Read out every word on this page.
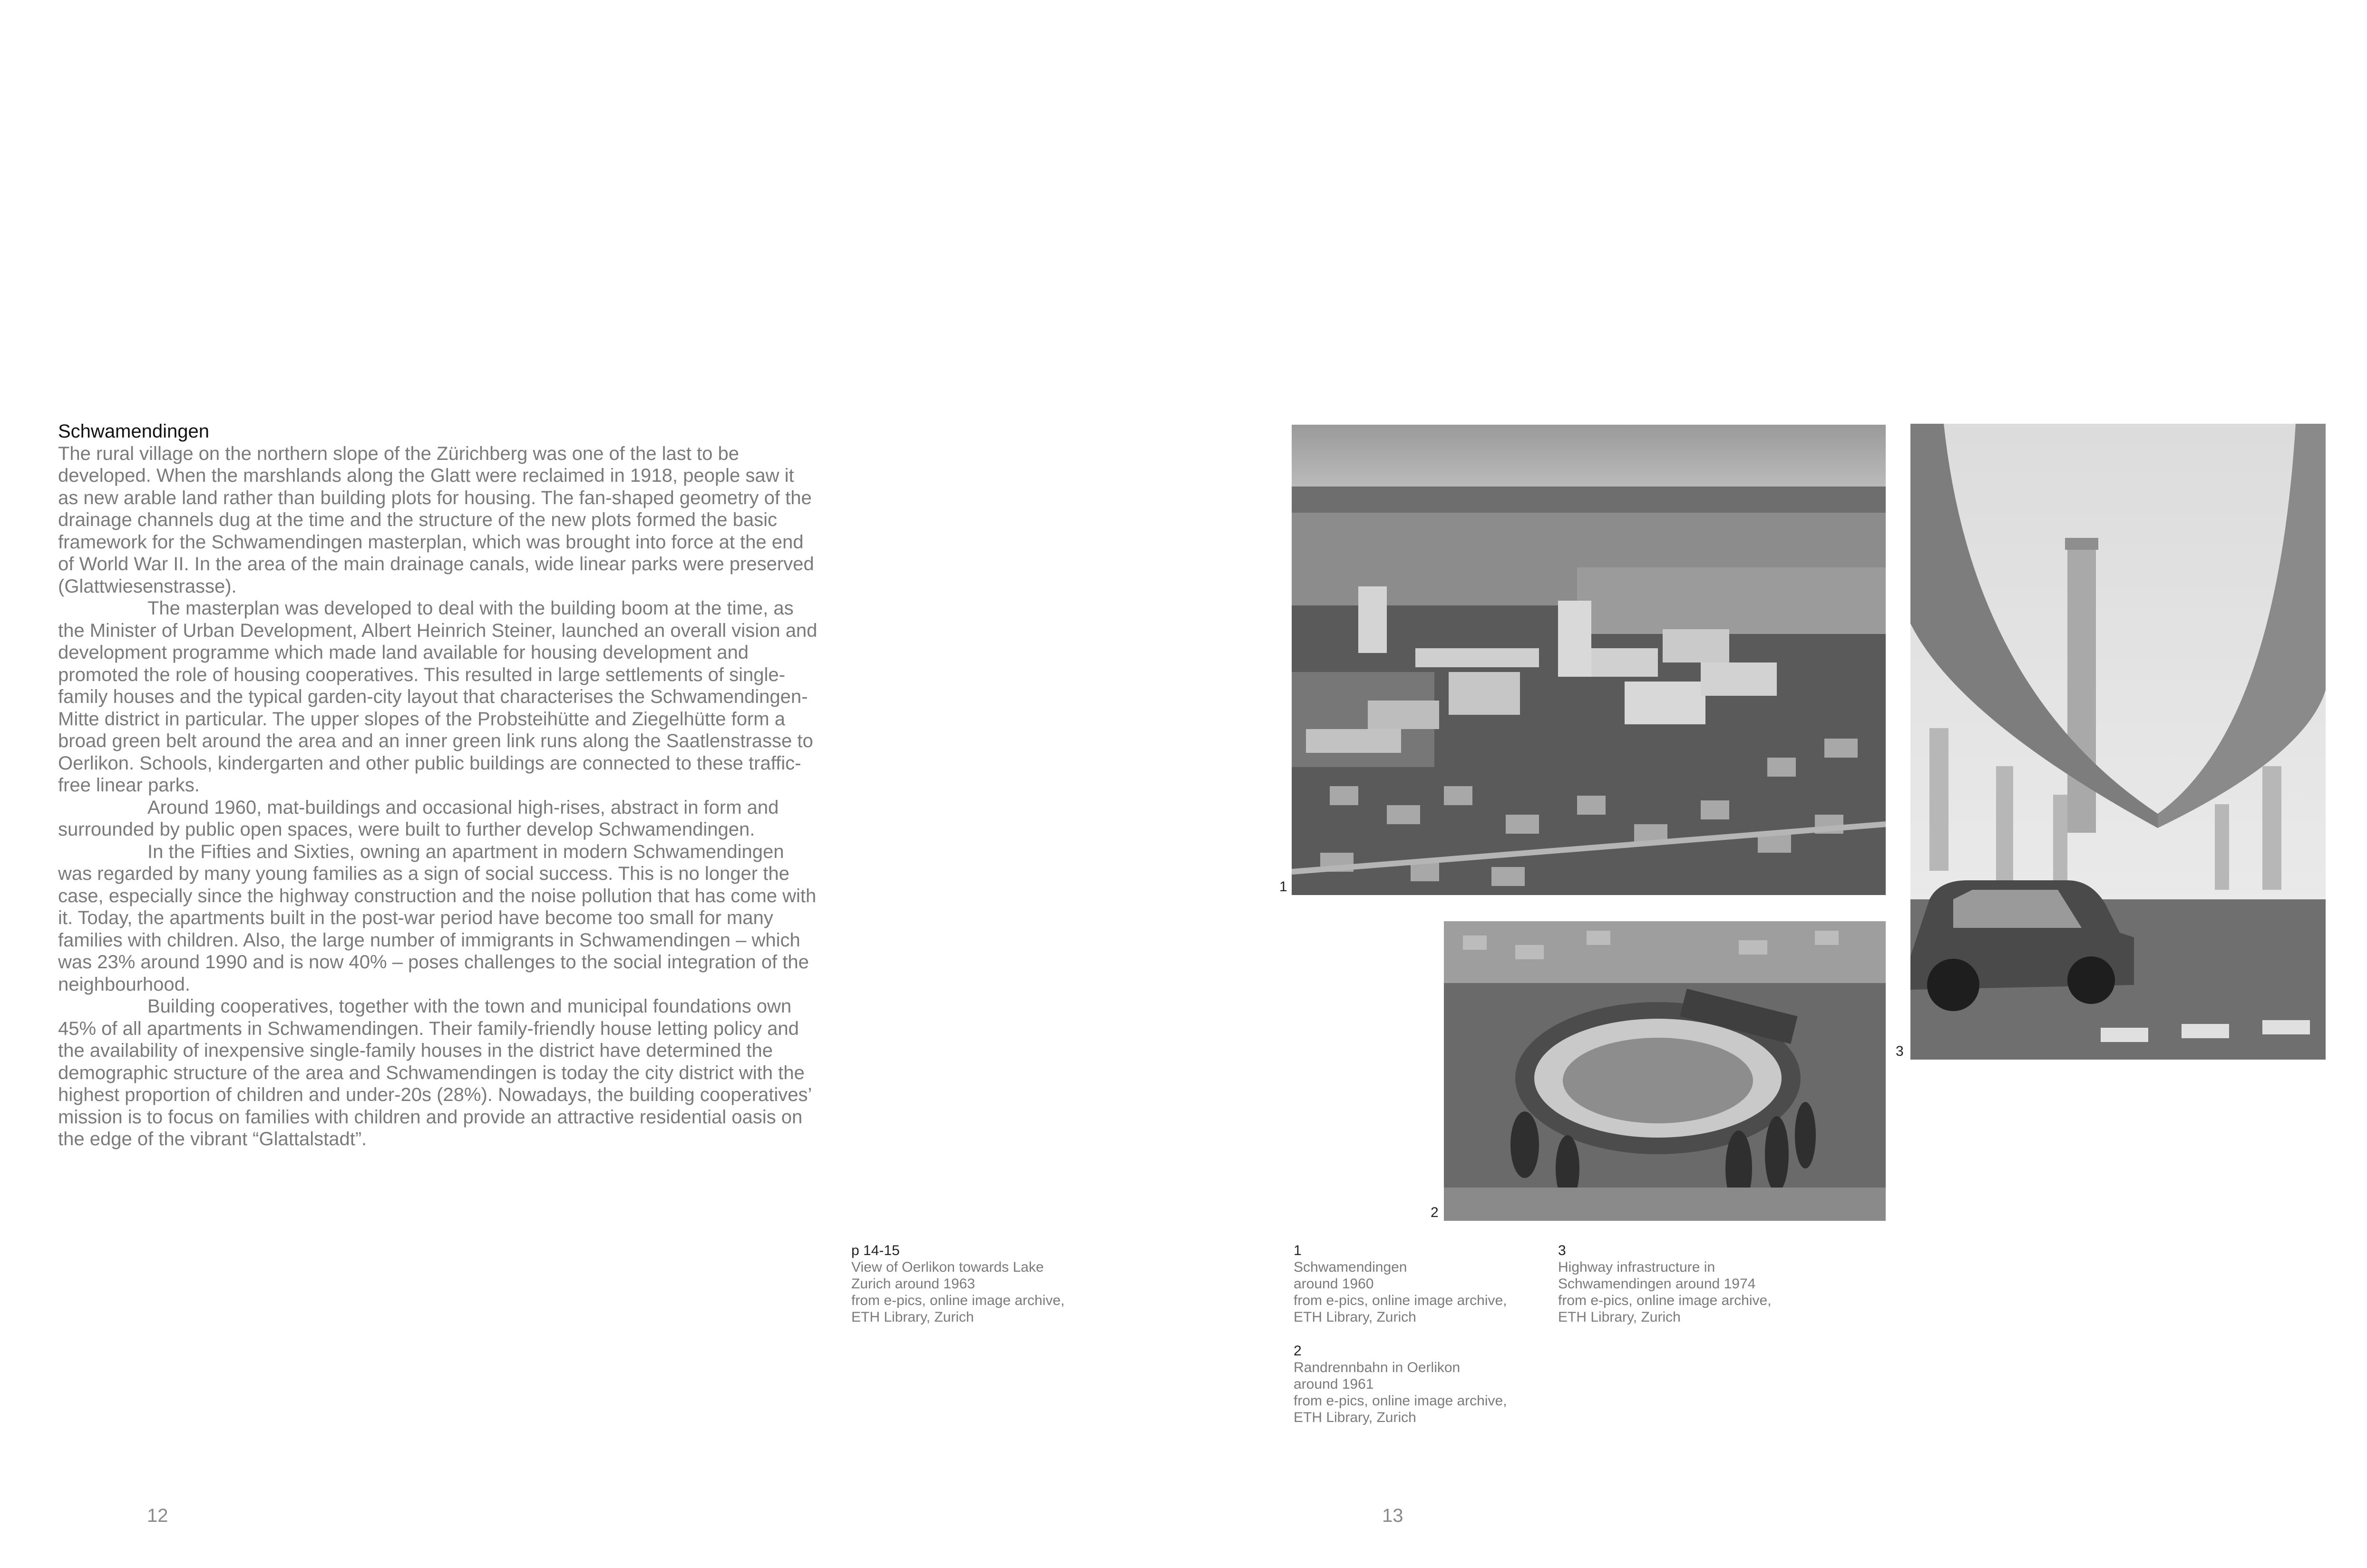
Schwamendingen

The rural village on the northern slope of the Zürichberg was one of the last to be developed. When the marshlands along the Glatt were reclaimed in 1918, people saw it as new arable land rather than building plots for housing. The fan-shaped geometry of the drainage channels dug at the time and the structure of the new plots formed the basic framework for the Schwamendingen masterplan, which was brought into force at the end of World War II. In the area of the main drainage canals, wide linear parks were preserved (Glattwiesenstrasse).

The masterplan was developed to deal with the building boom at the time, as the Minister of Urban Development, Albert Heinrich Steiner, launched an overall vision and development programme which made land available for housing development and promoted the role of housing cooperatives. This resulted in large settlements of single-family houses and the typical garden-city layout that characterises the Schwamendingen-Mitte district in particular. The upper slopes of the Probsteihütte and Ziegelhütte form a broad green belt around the area and an inner green link runs along the Saatlenstrasse to Oerlikon. Schools, kindergarten and other public buildings are connected to these traffic-free linear parks.

Around 1960, mat-buildings and occasional high-rises, abstract in form and surrounded by public open spaces, were built to further develop Schwamendingen.

In the Fifties and Sixties, owning an apartment in modern Schwamendingen was regarded by many young families as a sign of social success. This is no longer the case, especially since the highway construction and the noise pollution that has come with it. Today, the apartments built in the post-war period have become too small for many families with children. Also, the large number of immigrants in Schwamendingen – which was 23% around 1990 and is now 40% – poses challenges to the social integration of the neighbourhood.

Building cooperatives, together with the town and municipal foundations own 45% of all apartments in Schwamendingen. Their family-friendly house letting policy and the availability of inexpensive single-family houses in the district have determined the demographic structure of the area and Schwamendingen is today the city district with the highest proportion of children and under-20s (28%). Nowadays, the building cooperatives’ mission is to focus on families with children and provide an attractive residential oasis on the edge of the vibrant “Glattalstadt”.

1
2
3
p 14-15
View of Oerlikon towards Lake
Zurich around 1963
from e-pics, online image archive,
ETH Library, Zurich
1
Schwamendingen
around 1960
from e-pics, online image archive,
ETH Library, Zurich
3
Highway infrastructure in
Schwamendingen around 1974
from e-pics, online image archive,
ETH Library, Zurich
2
Randrennbahn in Oerlikon
around 1961
from e-pics, online image archive,
ETH Library, Zurich
12	13
